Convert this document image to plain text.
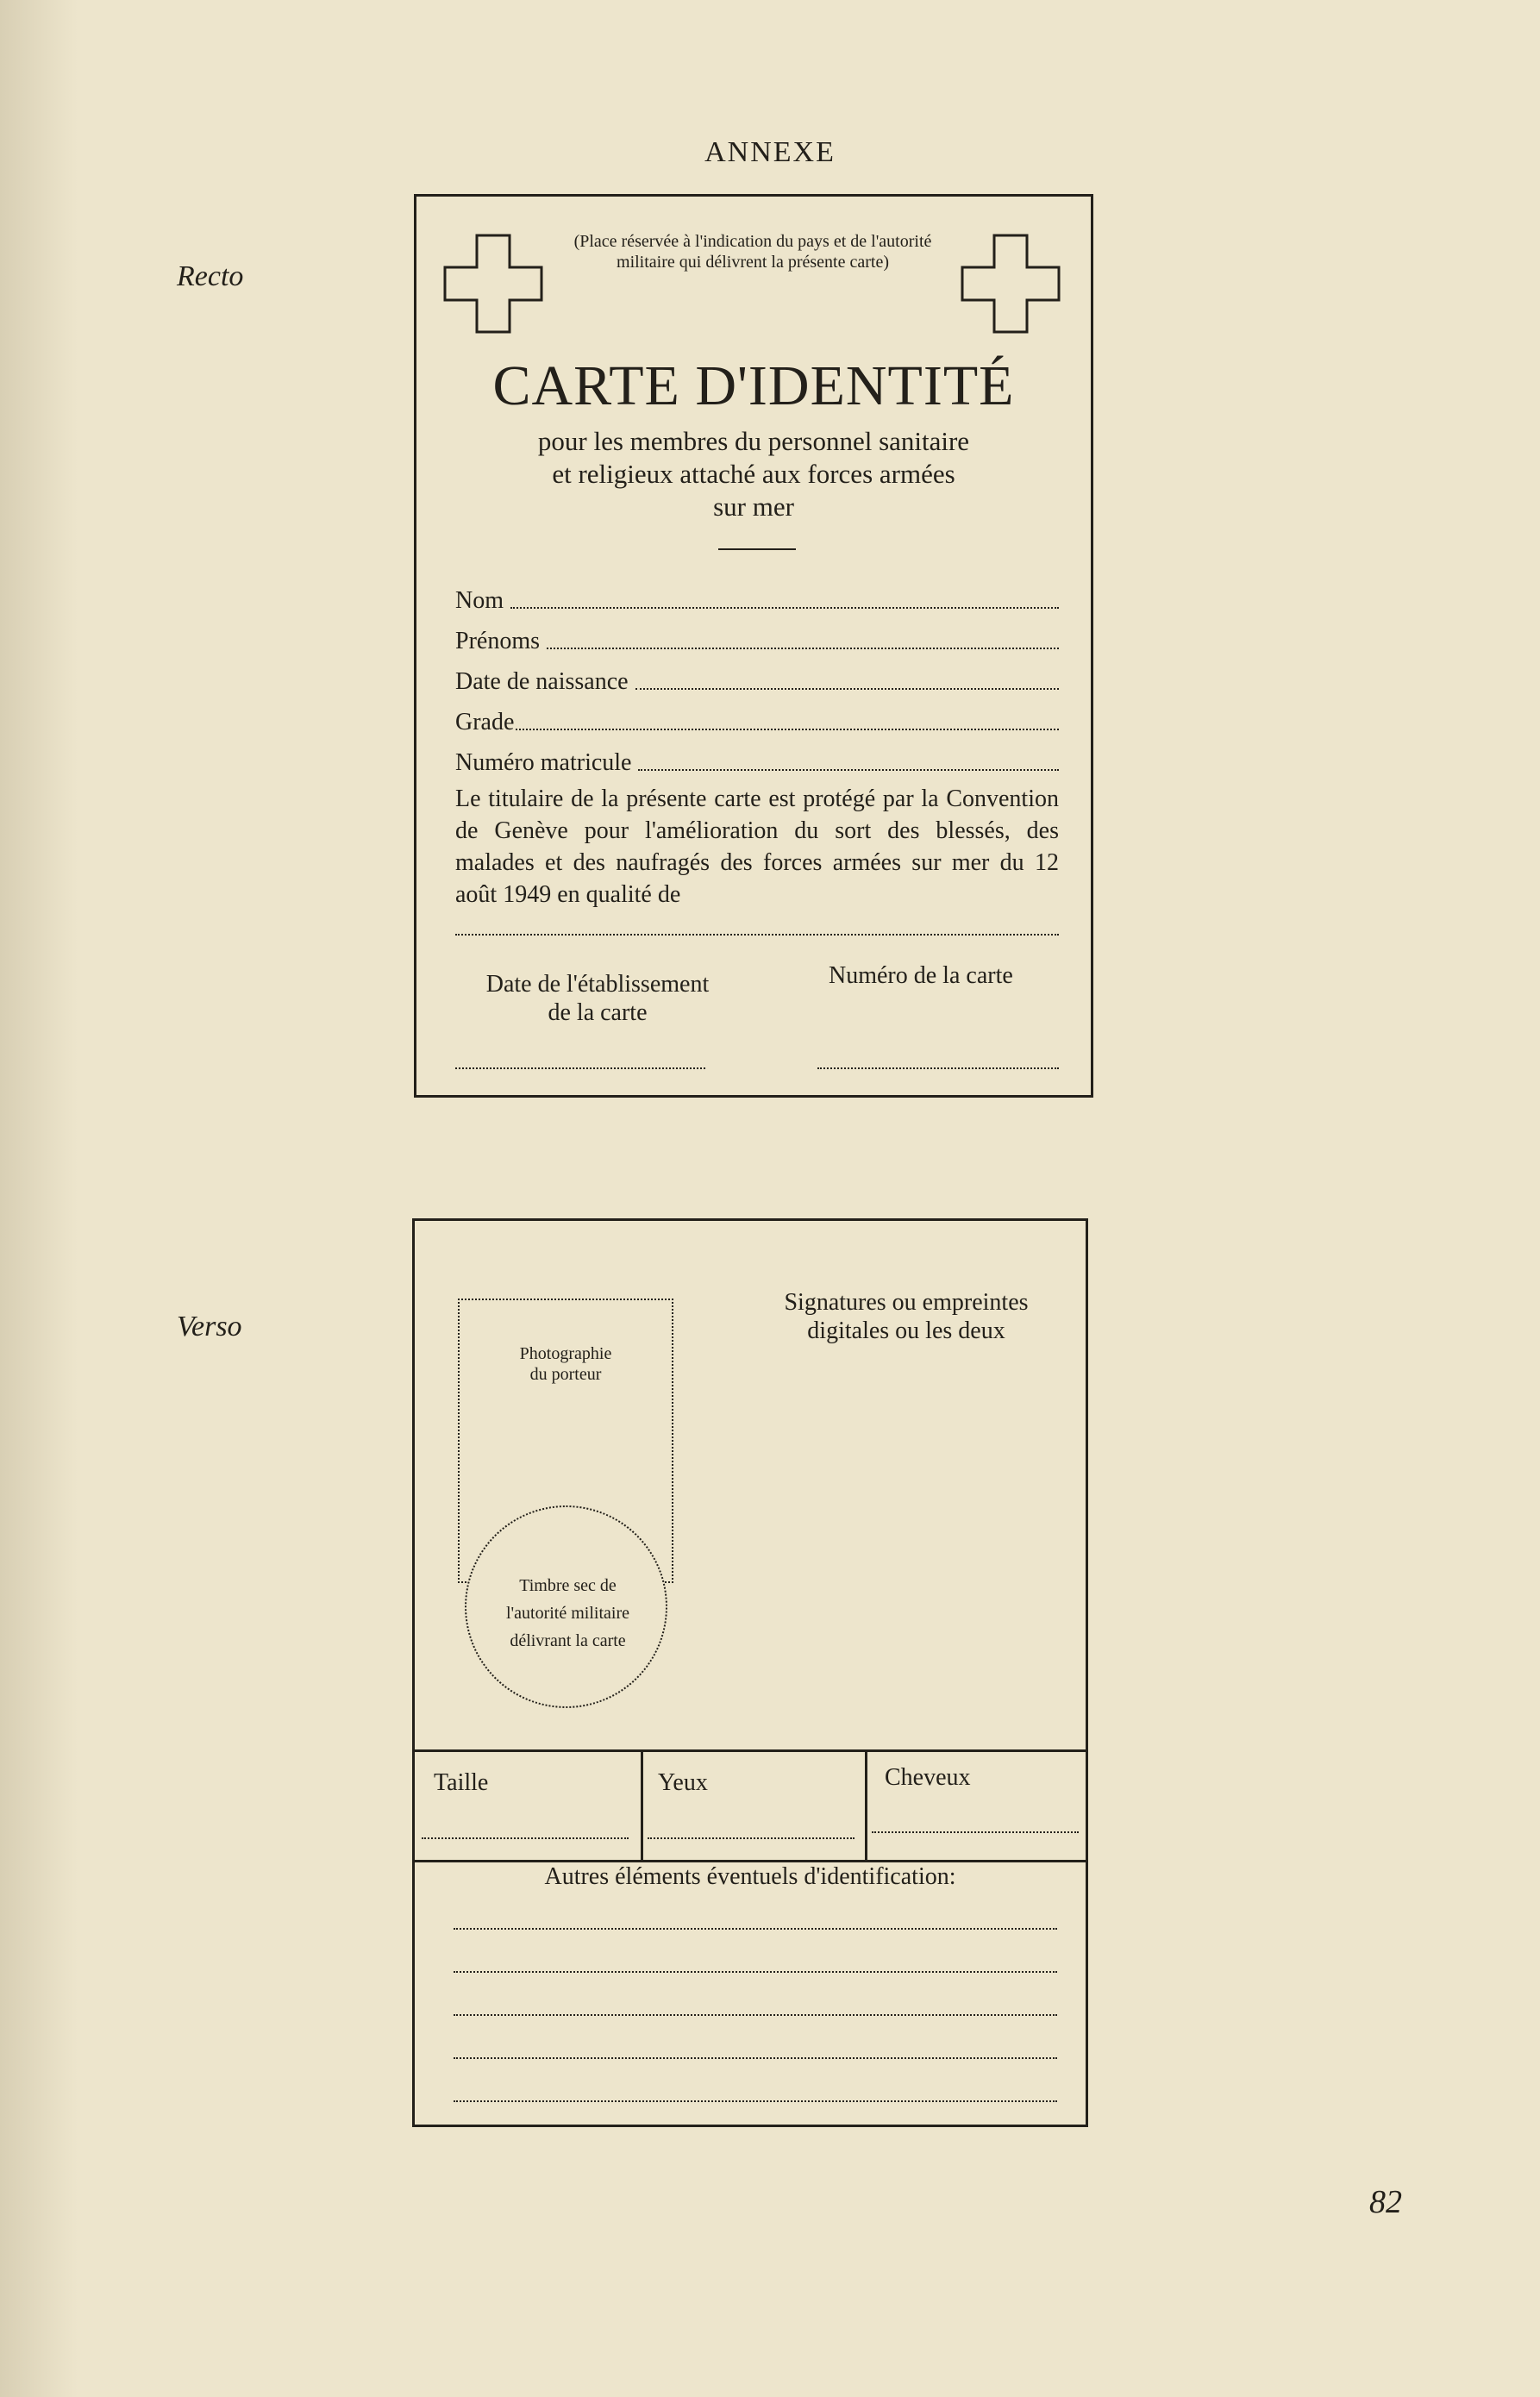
ANNEXE
Recto
Verso
(Place réservée à l'indication du pays et de l'autorité militaire qui délivrent la présente carte)
CARTE D'IDENTITÉ
pour les membres du personnel sanitaire
et religieux attaché aux forces armées
sur mer
Nom
Prénoms
Date de naissance
Grade
Numéro matricule
Le titulaire de la présente carte est protégé par la Convention de Genève pour l'amélioration du sort des blessés, des malades et des naufragés des forces armées sur mer du 12 août 1949 en qualité de
Date de l'établissement
de la carte
Numéro de la carte
Photographie
du porteur
Timbre sec de
l'autorité militaire
délivrant la carte
Signatures ou empreintes
digitales ou les deux
Taille	Yeux	Cheveux
Autres éléments éventuels d'identification:
82
